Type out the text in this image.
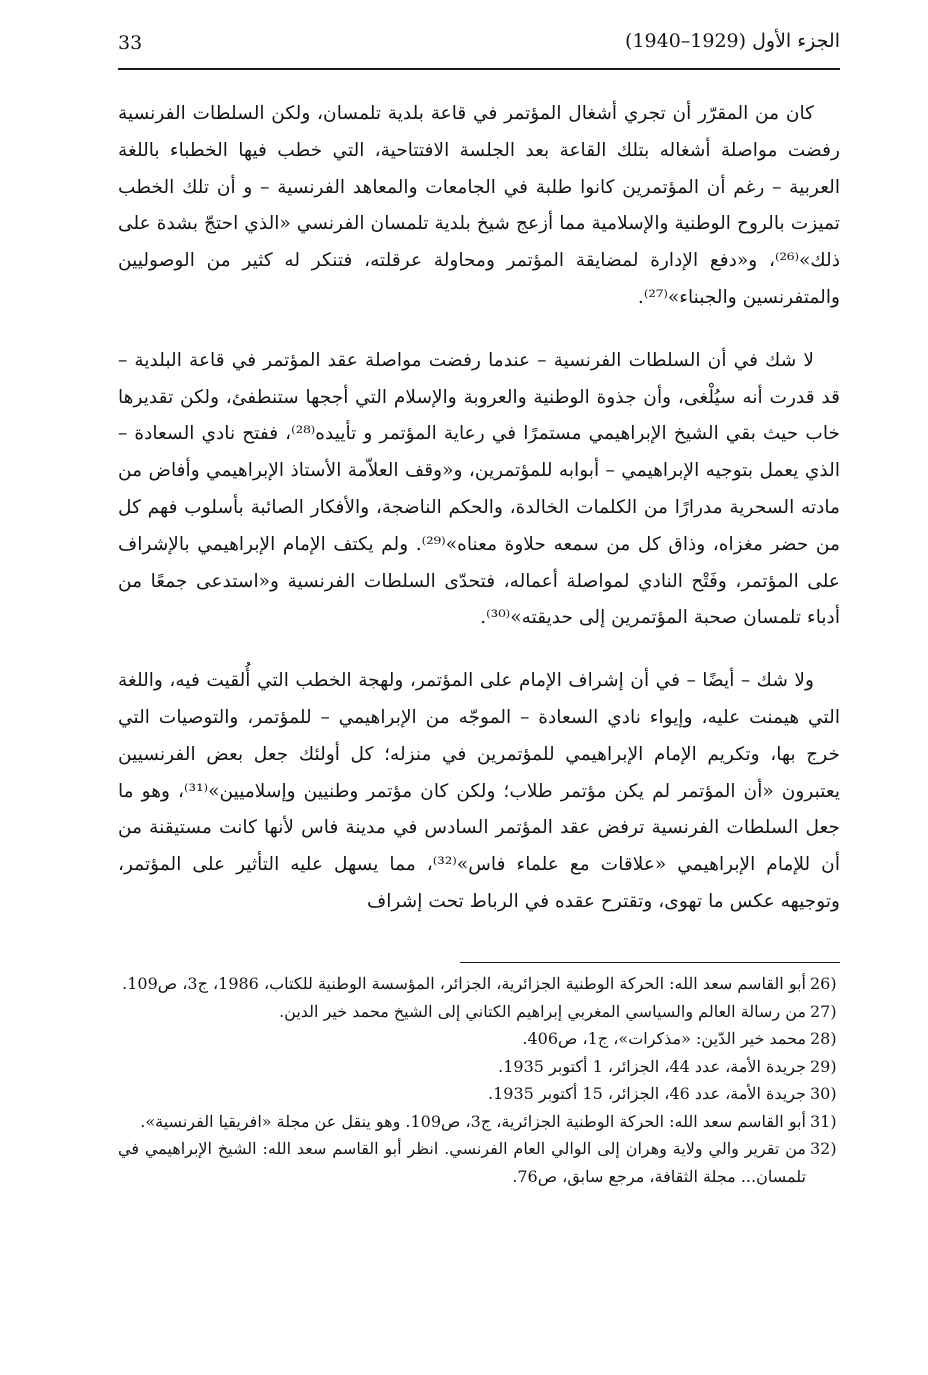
33	الجزء الأول (1929–1940)

كان من المقرّر أن تجري أشغال المؤتمر في قاعة بلدية تلمسان، ولكن السلطات الفرنسية رفضت مواصلة أشغاله بتلك القاعة بعد الجلسة الافتتاحية، التي خطب فيها الخطباء باللغة العربية – رغم أن المؤتمرين كانوا طلبة في الجامعات والمعاهد الفرنسية – و أن تلك الخطب تميزت بالروح الوطنية والإسلامية مما أزعج شيخ بلدية تلمسان الفرنسي «الذي احتجّ بشدة على ذلك»⁽²⁶⁾، و«دفع الإدارة لمضايقة المؤتمر ومحاولة عرقلته، فتنكر له كثير من الوصوليين والمتفرنسين والجبناء»⁽²⁷⁾.

لا شك في أن السلطات الفرنسية – عندما رفضت مواصلة عقد المؤتمر في قاعة البلدية – قد قدرت أنه سيُلْغى، وأن جذوة الوطنية والعروبة والإسلام التي أججها ستنطفئ، ولكن تقديرها خاب حيث بقي الشيخ الإبراهيمي مستمرًا في رعاية المؤتمر و تأييده⁽²⁸⁾، ففتح نادي السعادة – الذي يعمل بتوجيه الإبراهيمي – أبوابه للمؤتمرين، و«وقف العلاّمة الأستاذ الإبراهيمي وأفاض من مادته السحرية مدرارًا من الكلمات الخالدة، والحكم الناضجة، والأفكار الصائبة بأسلوب فهم كل من حضر مغزاه، وذاق كل من سمعه حلاوة معناه»⁽²⁹⁾. ولم يكتف الإمام الإبراهيمي بالإشراف على المؤتمر، وفَتْح النادي لمواصلة أعماله، فتحدّى السلطات الفرنسية و«استدعى جمعًا من أدباء تلمسان صحبة المؤتمرين إلى حديقته»⁽³⁰⁾.

ولا شك – أيضًا – في أن إشراف الإمام على المؤتمر، ولهجة الخطب التي أُلقيت فيه، واللغة التي هيمنت عليه، وإيواء نادي السعادة – الموجّه من الإبراهيمي – للمؤتمر، والتوصيات التي خرج بها، وتكريم الإمام الإبراهيمي للمؤتمرين في منزله؛ كل أولئك جعل بعض الفرنسيين يعتبرون «أن المؤتمر لم يكن مؤتمر طلاب؛ ولكن كان مؤتمر وطنيين وإسلاميين»⁽³¹⁾، وهو ما جعل السلطات الفرنسية ترفض عقد المؤتمر السادس في مدينة فاس لأنها كانت مستيقنة من أن للإمام الإبراهيمي «علاقات مع علماء فاس»⁽³²⁾، مما يسهل عليه التأثير على المؤتمر، وتوجيهه عكس ما تهوى، وتقترح عقده في الرباط تحت إشراف

26)
أبو القاسم سعد الله: الحركة الوطنية الجزائرية، الجزائر، المؤسسة الوطنية للكتاب، 1986، ج3، ص109.
27)
من رسالة العالم والسياسي المغربي إبراهيم الكتاني إلى الشيخ محمد خير الدين.
28)
محمد خير الدّين: «مذكرات»، ج1، ص406.
29)
جريدة الأمة، عدد 44، الجزائر، 1 أكتوبر 1935.
30)
جريدة الأمة، عدد 46، الجزائر، 15 أكتوبر 1935.
31)
أبو القاسم سعد الله: الحركة الوطنية الجزائرية، ج3، ص109. وهو ينقل عن مجلة «افريقيا الفرنسية».
32)
من تقرير والي ولاية وهران إلى الوالي العام الفرنسي. انظر أبو القاسم سعد الله: الشيخ الإبراهيمي في تلمسان... مجلة الثقافة، مرجع سابق، ص76.
